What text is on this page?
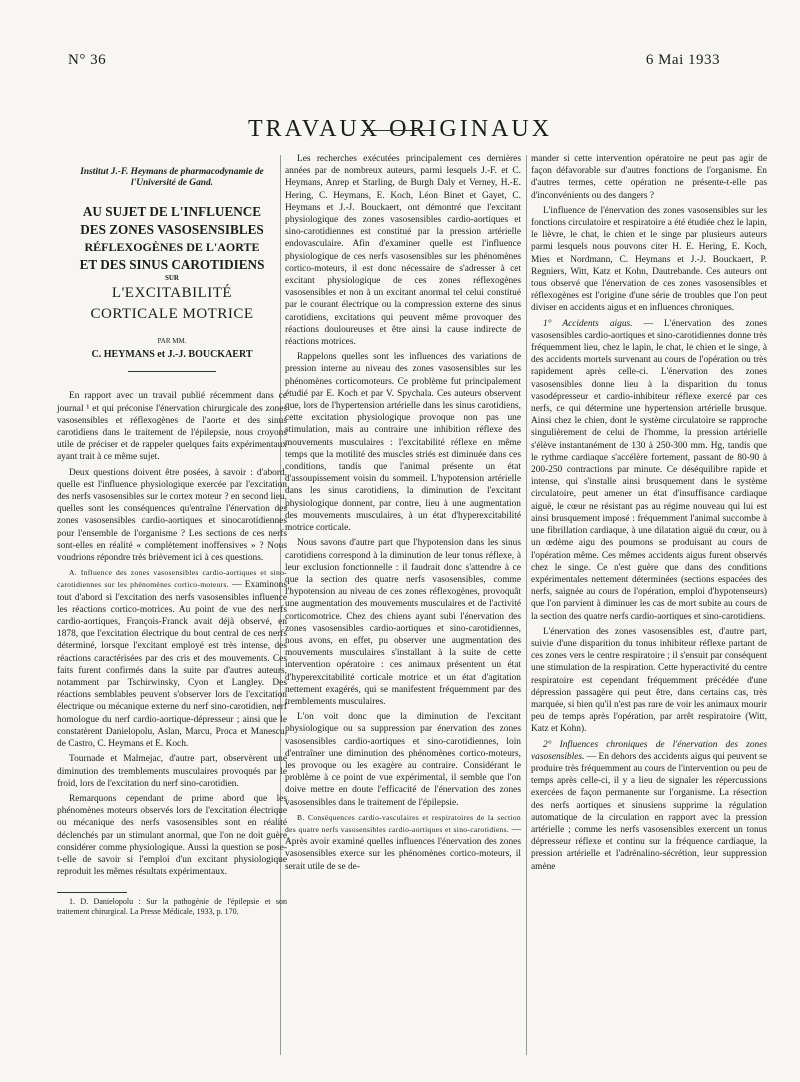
N° 36	6 Mai 1933
TRAVAUX ORIGINAUX
Institut J.-F. Heymans de pharmacodynamie de l'Université de Gand.
AU SUJET DE L'INFLUENCE
DES ZONES VASOSENSIBLES
RÉFLEXOGÈNES DE L'AORTE
ET DES SINUS CAROTIDIENS
SUR
L'EXCITABILITÉ
CORTICALE MOTRICE
PAR MM.
C. HEYMANS et J.-J. BOUCKAERT

En rapport avec un travail publié récemment dans ce journal ¹ et qui préconise l'énervation chirurgicale des zones vasosensibles et réflexogènes de l'aorte et des sinus carotidiens dans le traitement de l'épilepsie, nous croyons utile de préciser et de rappeler quelques faits expérimentaux ayant trait à ce même sujet.

Deux questions doivent être posées, à savoir : d'abord, quelle est l'influence physiologique exercée par l'excitation des nerfs vasosensibles sur le cortex moteur ? en second lieu, quelles sont les conséquences qu'entraîne l'énervation des zones vasosensibles cardio-aortiques et sinocarotidiennes pour l'ensemble de l'organisme ? Les sections de ces nerfs sont-elles en réalité « complètement inoffensives » ? Nous voudrions répondre très brièvement ici à ces questions.

A. Influence des zones vasosensibles cardio-aortiques et sino-carotidiennes sur les phénomènes cortico-moteurs. — Examinons tout d'abord si l'excitation des nerfs vasosensibles influence les réactions cortico-motrices. Au point de vue des nerfs cardio-aortiques, François-Franck avait déjà observé, en 1878, que l'excitation électrique du bout central de ces nerfs déterminé, lorsque l'excitant employé est très intense, des réactions caractérisées par des cris et des mouvements. Ces faits furent confirmés dans la suite par d'autres auteurs, notamment par Tschirwinsky, Cyon et Langley. Des réactions semblables peuvent s'observer lors de l'excitation électrique ou mécanique externe du nerf sino-carotidien, nerf homologue du nerf cardio-aortique-dépresseur ; ainsi que le constatèrent Danielopolu, Aslan, Marcu, Proca et Manescu, de Castro, C. Heymans et E. Koch.

Tournade et Malmejac, d'autre part, observèrent une diminution des tremblements musculaires provoqués par le froid, lors de l'excitation du nerf sino-carotidien.

Remarquons cependant de prime abord que les phénomènes moteurs observés lors de l'excitation électrique ou mécanique des nerfs vasosensibles sont en réalité déclenchés par un stimulant anormal, que l'on ne doit guère considérer comme physiologique. Aussi la question se pose-t-elle de savoir si l'emploi d'un excitant physiologique reproduit les mêmes résultats expérimentaux.

1. D. Danielopolu : Sur la pathogénie de l'épilepsie et son traitement chirurgical. La Presse Médicale, 1933, p. 170.

Les recherches exécutées principalement ces dernières années par de nombreux auteurs, parmi lesquels J.-F. et C. Heymans, Anrep et Starling, de Burgh Daly et Verney, H.-E. Hering, C. Heymans, E. Koch, Léon Binet et Gayet, C. Heymans et J.-J. Bouckaert, ont démontré que l'excitant physiologique des zones vasosensibles cardio-aortiques et sino-carotidiennes est constitué par la pression artérielle endovasculaire. Afin d'examiner quelle est l'influence physiologique de ces nerfs vasosensibles sur les phénomènes cortico-moteurs, il est donc nécessaire de s'adresser à cet excitant physiologique de ces zones réflexogènes vasosensibles et non à un excitant anormal tel celui constitué par le courant électrique ou la compression externe des sinus carotidiens, excitations qui peuvent même provoquer des réactions douloureuses et être ainsi la cause indirecte de réactions motrices.

Rappelons quelles sont les influences des variations de pression interne au niveau des zones vasosensibles sur les phénomènes corticomoteurs. Ce problème fut principalement étudié par E. Koch et par V. Spychala. Ces auteurs observent que, lors de l'hypertension artérielle dans les sinus carotidiens, cette excitation physiologique provoque non pas une stimulation, mais au contraire une inhibition réflexe des mouvements musculaires : l'excitabilité réflexe en même temps que la motilité des muscles striés est diminuée dans ces conditions, tandis que l'animal présente un état d'assoupissement voisin du sommeil. L'hypotension artérielle dans les sinus carotidiens, la diminution de l'excitant physiologique donnent, par contre, lieu à une augmentation des mouvements musculaires, à un état d'hyperexcitabilité motrice corticale.

Nous savons d'autre part que l'hypotension dans les sinus carotidiens correspond à la diminution de leur tonus réflexe, à leur exclusion fonctionnelle : il faudrait donc s'attendre à ce que la section des quatre nerfs vasosensibles, comme l'hypotension au niveau de ces zones réflexogènes, provoquât une augmentation des mouvements musculaires et de l'activité corticomotrice. Chez des chiens ayant subi l'énervation des zones vasosensibles cardio-aortiques et sino-carotidiennes, nous avons, en effet, pu observer une augmentation des mouvements musculaires s'installant à la suite de cette intervention opératoire : ces animaux présentent un état d'hyperexcitabilité corticale motrice et un état d'agitation nettement exagérés, qui se manifestent fréquemment par des tremblements musculaires.

L'on voit donc que la diminution de l'excitant physiologique ou sa suppression par énervation des zones vasosensibles cardio-aortiques et sino-carotidiennes, loin d'entraîner une diminution des phénomènes cortico-moteurs, les provoque ou les exagère au contraire. Considérant le problème à ce point de vue expérimental, il semble que l'on doive mettre en doute l'efficacité de l'énervation des zones vasosensibles dans le traitement de l'épilepsie.

B. Conséquences cardio-vasculaires et respiratoires de la section des quatre nerfs vasosensibles cardio-aortiques et sino-carotidiens. — Après avoir examiné quelles influences l'énervation des zones vasosensibles exerce sur les phénomènes cortico-moteurs, il serait utile de se de-

mander si cette intervention opératoire ne peut pas agir de façon défavorable sur d'autres fonctions de l'organisme. En d'autres termes, cette opération ne présente-t-elle pas d'inconvénients ou des dangers ?

L'influence de l'énervation des zones vasosensibles sur les fonctions circulatoire et respiratoire a été étudiée chez le lapin, le lièvre, le chat, le chien et le singe par plusieurs auteurs parmi lesquels nous pouvons citer H. E. Hering, E. Koch, Mies et Nordmann, C. Heymans et J.-J. Bouckaert, P. Regniers, Witt, Katz et Kohn, Dautrebande. Ces auteurs ont tous observé que l'énervation de ces zones vasosensibles et réflexogènes est l'origine d'une série de troubles que l'on peut diviser en accidents aigus et en influences chroniques.

1° Accidents aigus. — L'énervation des zones vasosensibles cardio-aortiques et sino-carotidiennes donne très fréquemment lieu, chez le lapin, le chat, le chien et le singe, à des accidents mortels survenant au cours de l'opération ou très rapidement après celle-ci. L'énervation des zones vasosensibles donne lieu à la disparition du tonus vasodépresseur et cardio-inhibiteur réflexe exercé par ces nerfs, ce qui détermine une hypertension artérielle brusque. Ainsi chez le chien, dont le système circulatoire se rapproche singulièrement de celui de l'homme, la pression artérielle s'élève instantanément de 130 à 250-300 mm. Hg, tandis que le rythme cardiaque s'accélère fortement, passant de 80-90 à 200-250 contractions par minute. Ce déséquilibre rapide et intense, qui s'installe ainsi brusquement dans le système circulatoire, peut amener un état d'insuffisance cardiaque aiguë, le cœur ne résistant pas au régime nouveau qui lui est ainsi brusquement imposé : fréquemment l'animal succombe à une fibrillation cardiaque, à une dilatation aiguë du cœur, ou à un œdème aigu des poumons se produisant au cours de l'opération même. Ces mêmes accidents aigus furent observés chez le singe. Ce n'est guère que dans des conditions expérimentales nettement déterminées (sections espacées des nerfs, saignée au cours de l'opération, emploi d'hypotenseurs) que l'on parvient à diminuer les cas de mort subite au cours de la section des quatre nerfs cardio-aortiques et sino-carotidiens.

L'énervation des zones vasosensibles est, d'autre part, suivie d'une disparition du tonus inhibiteur réflexe partant de ces zones vers le centre respiratoire ; il s'ensuit par conséquent une stimulation de la respiration. Cette hyperactivité du centre respiratoire est cependant fréquemment précédée d'une dépression passagère qui peut être, dans certains cas, très marquée, si bien qu'il n'est pas rare de voir les animaux mourir peu de temps après l'opération, par arrêt respiratoire (Witt, Katz et Kohn).

2° Influences chroniques de l'énervation des zones vasosensibles. — En dehors des accidents aigus qui peuvent se produire très fréquemment au cours de l'intervention ou peu de temps après celle-ci, il y a lieu de signaler les répercussions exercées de façon permanente sur l'organisme. La résection des nerfs aortiques et sinusiens supprime la régulation automatique de la circulation en rapport avec la pression artérielle ; comme les nerfs vasosensibles exercent un tonus dépresseur réflexe et continu sur la fréquence cardiaque, la pression artérielle et l'adrénalino-sécrétion, leur suppression amène
